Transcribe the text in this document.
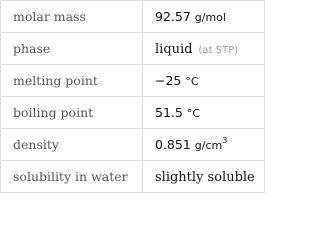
molar mass	92.57 g/mol
phase	liquid (at STP)
melting point	−25 °C
boiling point	51.5 °C
density	0.851 $g/cm^3$
solubility in water	slightly soluble
